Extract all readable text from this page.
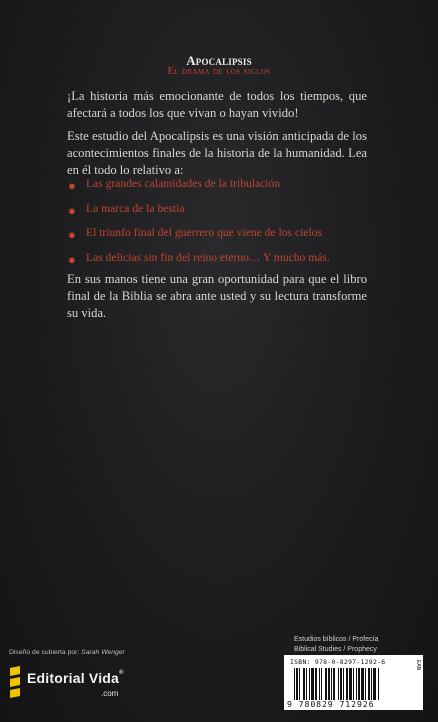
Apocalipsis
El drama de los siglos
¡La historia más emocionante de todos los tiempos, que afectará a todos los que vivan o hayan vivido!
Este estudio del Apocalipsis es una visión anticipada de los acontecimientos finales de la historia de la humanidad. Lea en él todo lo relativo a:
● Las grandes calamidades de la tribulación
● La marca de la bestia
● El triunfo final del guerrero que viene de los cielos
● Las delicias sin fin del reino eterno… Y mucho más.
En sus manos tiene una gran oportunidad para que el libro final de la Biblia se abra ante usted y su lectura transforme su vida.
Estudios bíblicos / Profecía
Biblical Studies / Prophecy
Diseño de cubierta por: Sarah Wenger
Editorial Vida®
.com
ISBN: 978-0-8297-1292-6	EAN
9 780829 712926
